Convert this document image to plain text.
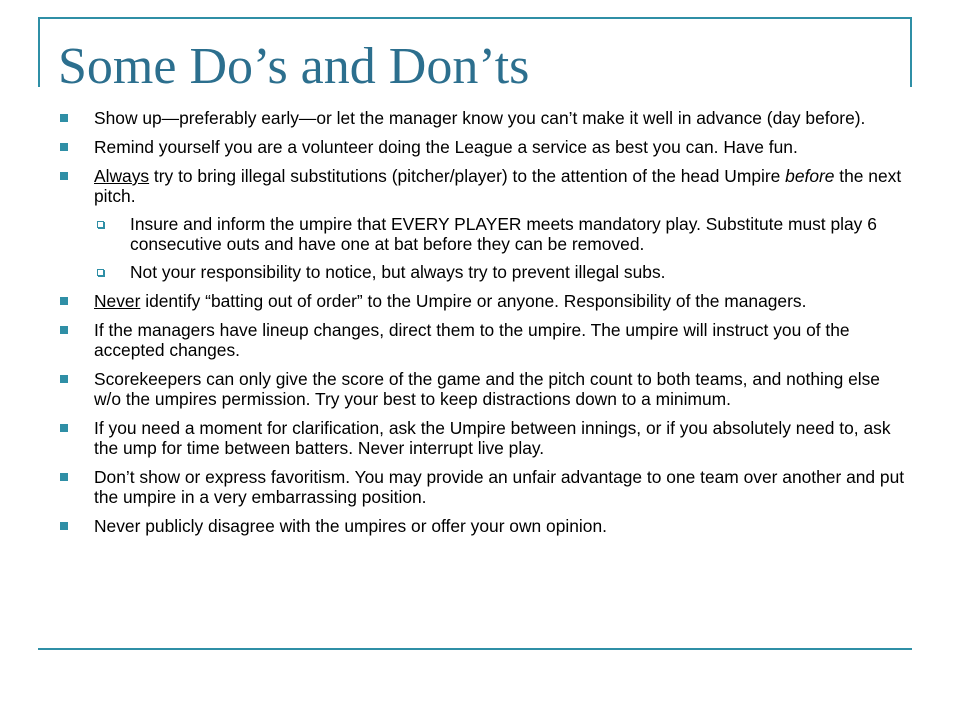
Some Do’s and Don’ts
Show up—preferably early—or let the manager know you can’t make it well in advance (day before).
Remind yourself you are a volunteer doing the League a service as best you can. Have fun.
Always try to bring illegal substitutions (pitcher/player) to the attention of the head Umpire before the next pitch.
Insure and inform the umpire that EVERY PLAYER meets mandatory play. Substitute must play 6 consecutive outs and have one at bat before they can be removed.
Not your responsibility to notice, but always try to prevent illegal subs.
Never identify “batting out of order” to the Umpire or anyone. Responsibility of the managers.
If the managers have lineup changes, direct them to the umpire. The umpire will instruct you of the accepted changes.
Scorekeepers can only give the score of the game and the pitch count to both teams, and nothing else w/o the umpires permission. Try your best to keep distractions down to a minimum.
If you need a moment for clarification, ask the Umpire between innings, or if you absolutely need to, ask the ump for time between batters. Never interrupt live play.
Don’t show or express favoritism. You may provide an unfair advantage to one team over another and put the umpire in a very embarrassing position.
Never publicly disagree with the umpires or offer your own opinion.
